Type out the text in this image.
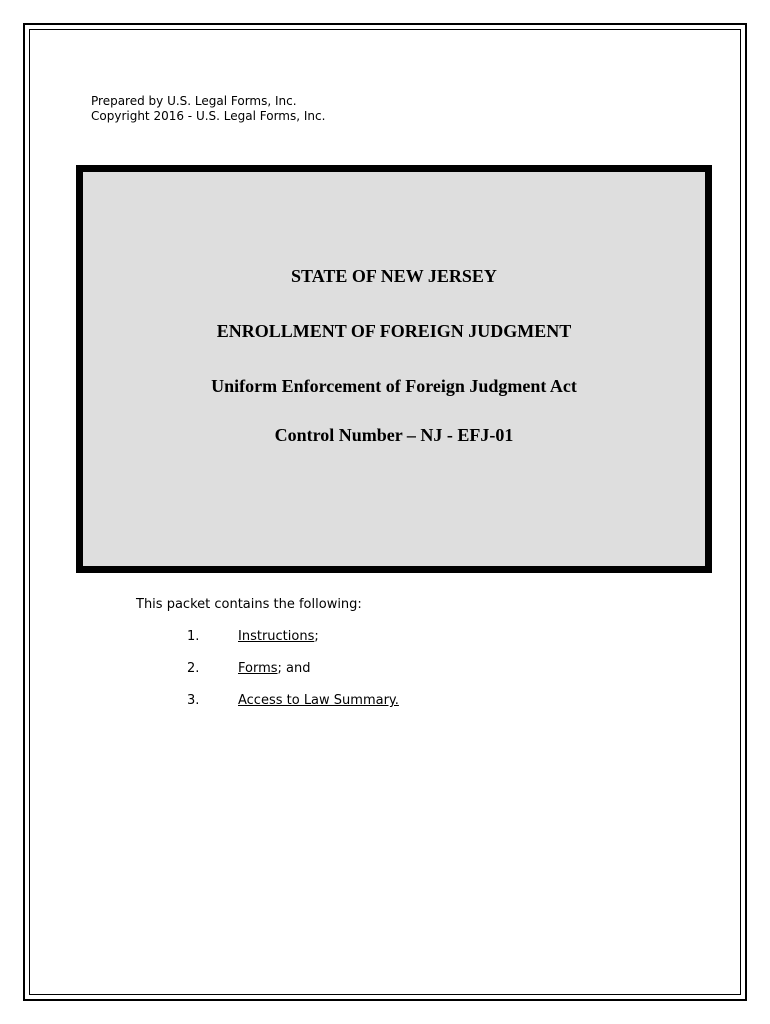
Prepared by U.S. Legal Forms, Inc.
Copyright 2016 - U.S. Legal Forms, Inc.
STATE OF NEW JERSEY
ENROLLMENT OF FOREIGN JUDGMENT
Uniform Enforcement of Foreign Judgment Act
Control Number – NJ - EFJ-01
This packet contains the following:
1.	Instructions;
2.	Forms; and
3.	Access to Law Summary.
